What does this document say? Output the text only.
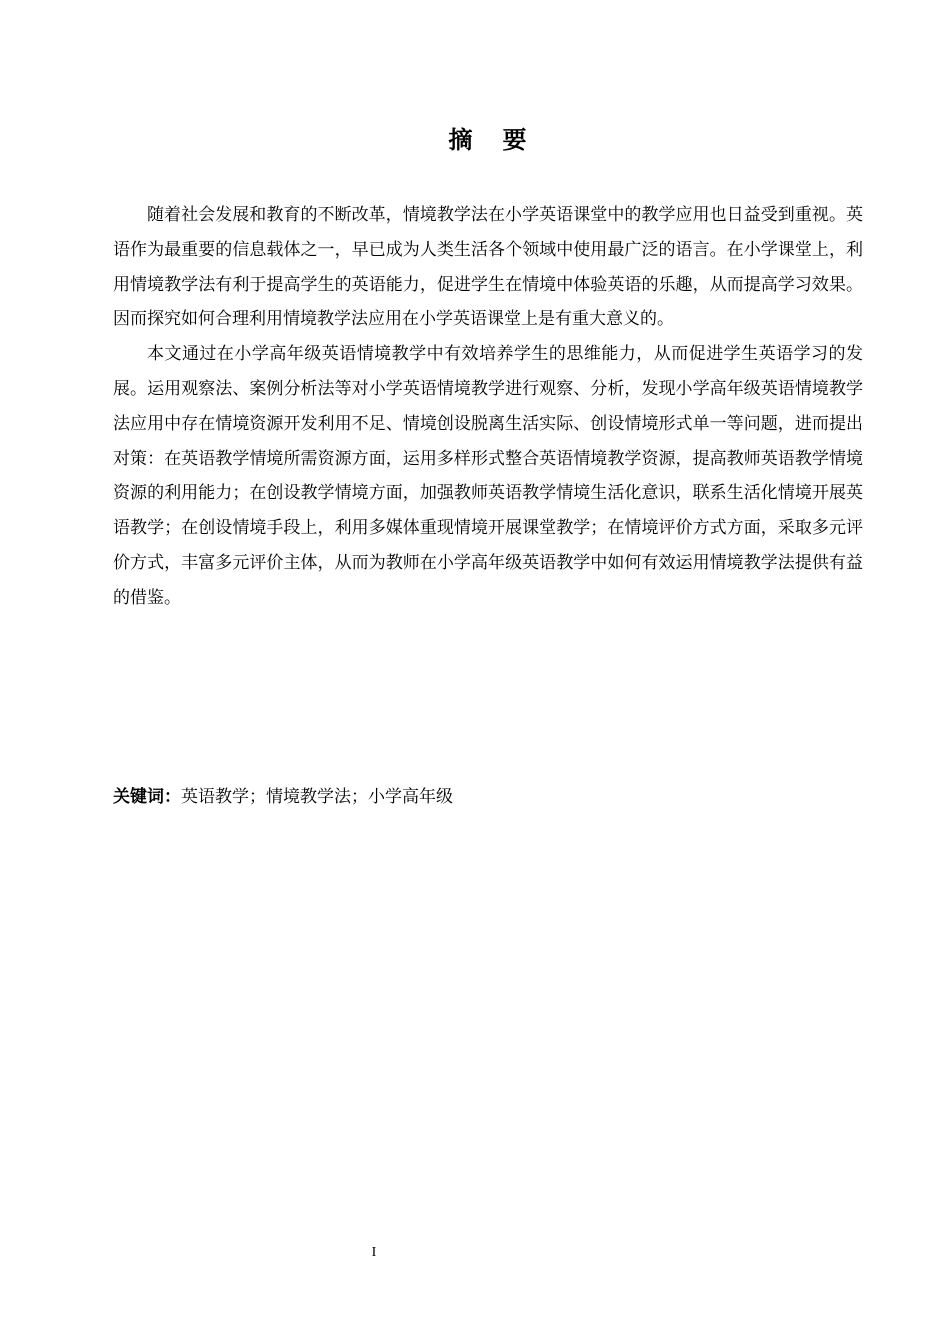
摘 要

随着社会发展和教育的不断改革，情境教学法在小学英语课堂中的教学应用也日益受到重视。英语作为最重要的信息载体之一，早已成为人类生活各个领域中使用最广泛的语言。在小学课堂上，利用情境教学法有利于提高学生的英语能力，促进学生在情境中体验英语的乐趣，从而提高学习效果。因而探究如何合理利用情境教学法应用在小学英语课堂上是有重大意义的。

本文通过在小学高年级英语情境教学中有效培养学生的思维能力，从而促进学生英语学习的发展。运用观察法、案例分析法等对小学英语情境教学进行观察、分析，发现小学高年级英语情境教学法应用中存在情境资源开发利用不足、情境创设脱离生活实际、创设情境形式单一等问题，进而提出对策：在英语教学情境所需资源方面，运用多样形式整合英语情境教学资源，提高教师英语教学情境资源的利用能力；在创设教学情境方面，加强教师英语教学情境生活化意识，联系生活化情境开展英语教学；在创设情境手段上，利用多媒体重现情境开展课堂教学；在情境评价方式方面，采取多元评价方式，丰富多元评价主体，从而为教师在小学高年级英语教学中如何有效运用情境教学法提供有益的借鉴。

关键词：英语教学；情境教学法；小学高年级
I
